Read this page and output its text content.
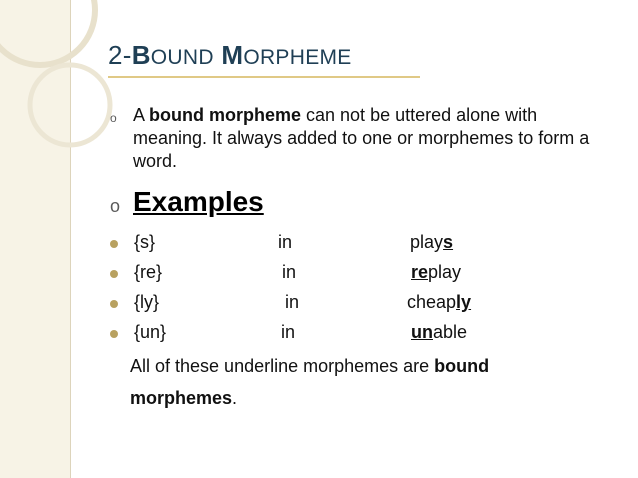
2-BOUND MORPHEME
o A bound morpheme can not be uttered alone with meaning. It always added to one or morphemes to form a word.
o Examples
{s}	in	plays
{re}	in	replay
{ly}	in	cheaply
{un}	in	unable
All of these underline morphemes are bound
morphemes.
